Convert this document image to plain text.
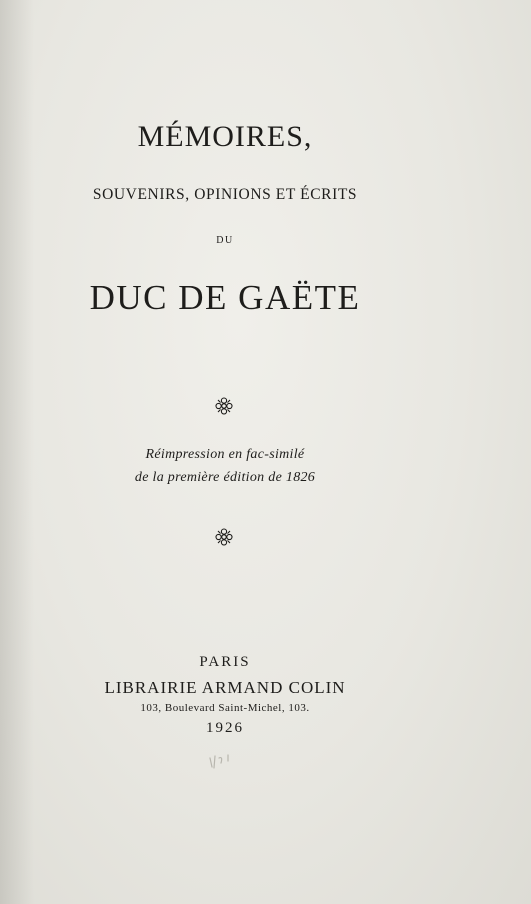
MÉMOIRES,
SOUVENIRS, OPINIONS ET ÉCRITS
DU
DUC DE GAËTE
Réimpression en fac-similé
de la première édition de 1826
PARIS
LIBRAIRIE ARMAND COLIN
103, Boulevard Saint-Michel, 103.
1926
